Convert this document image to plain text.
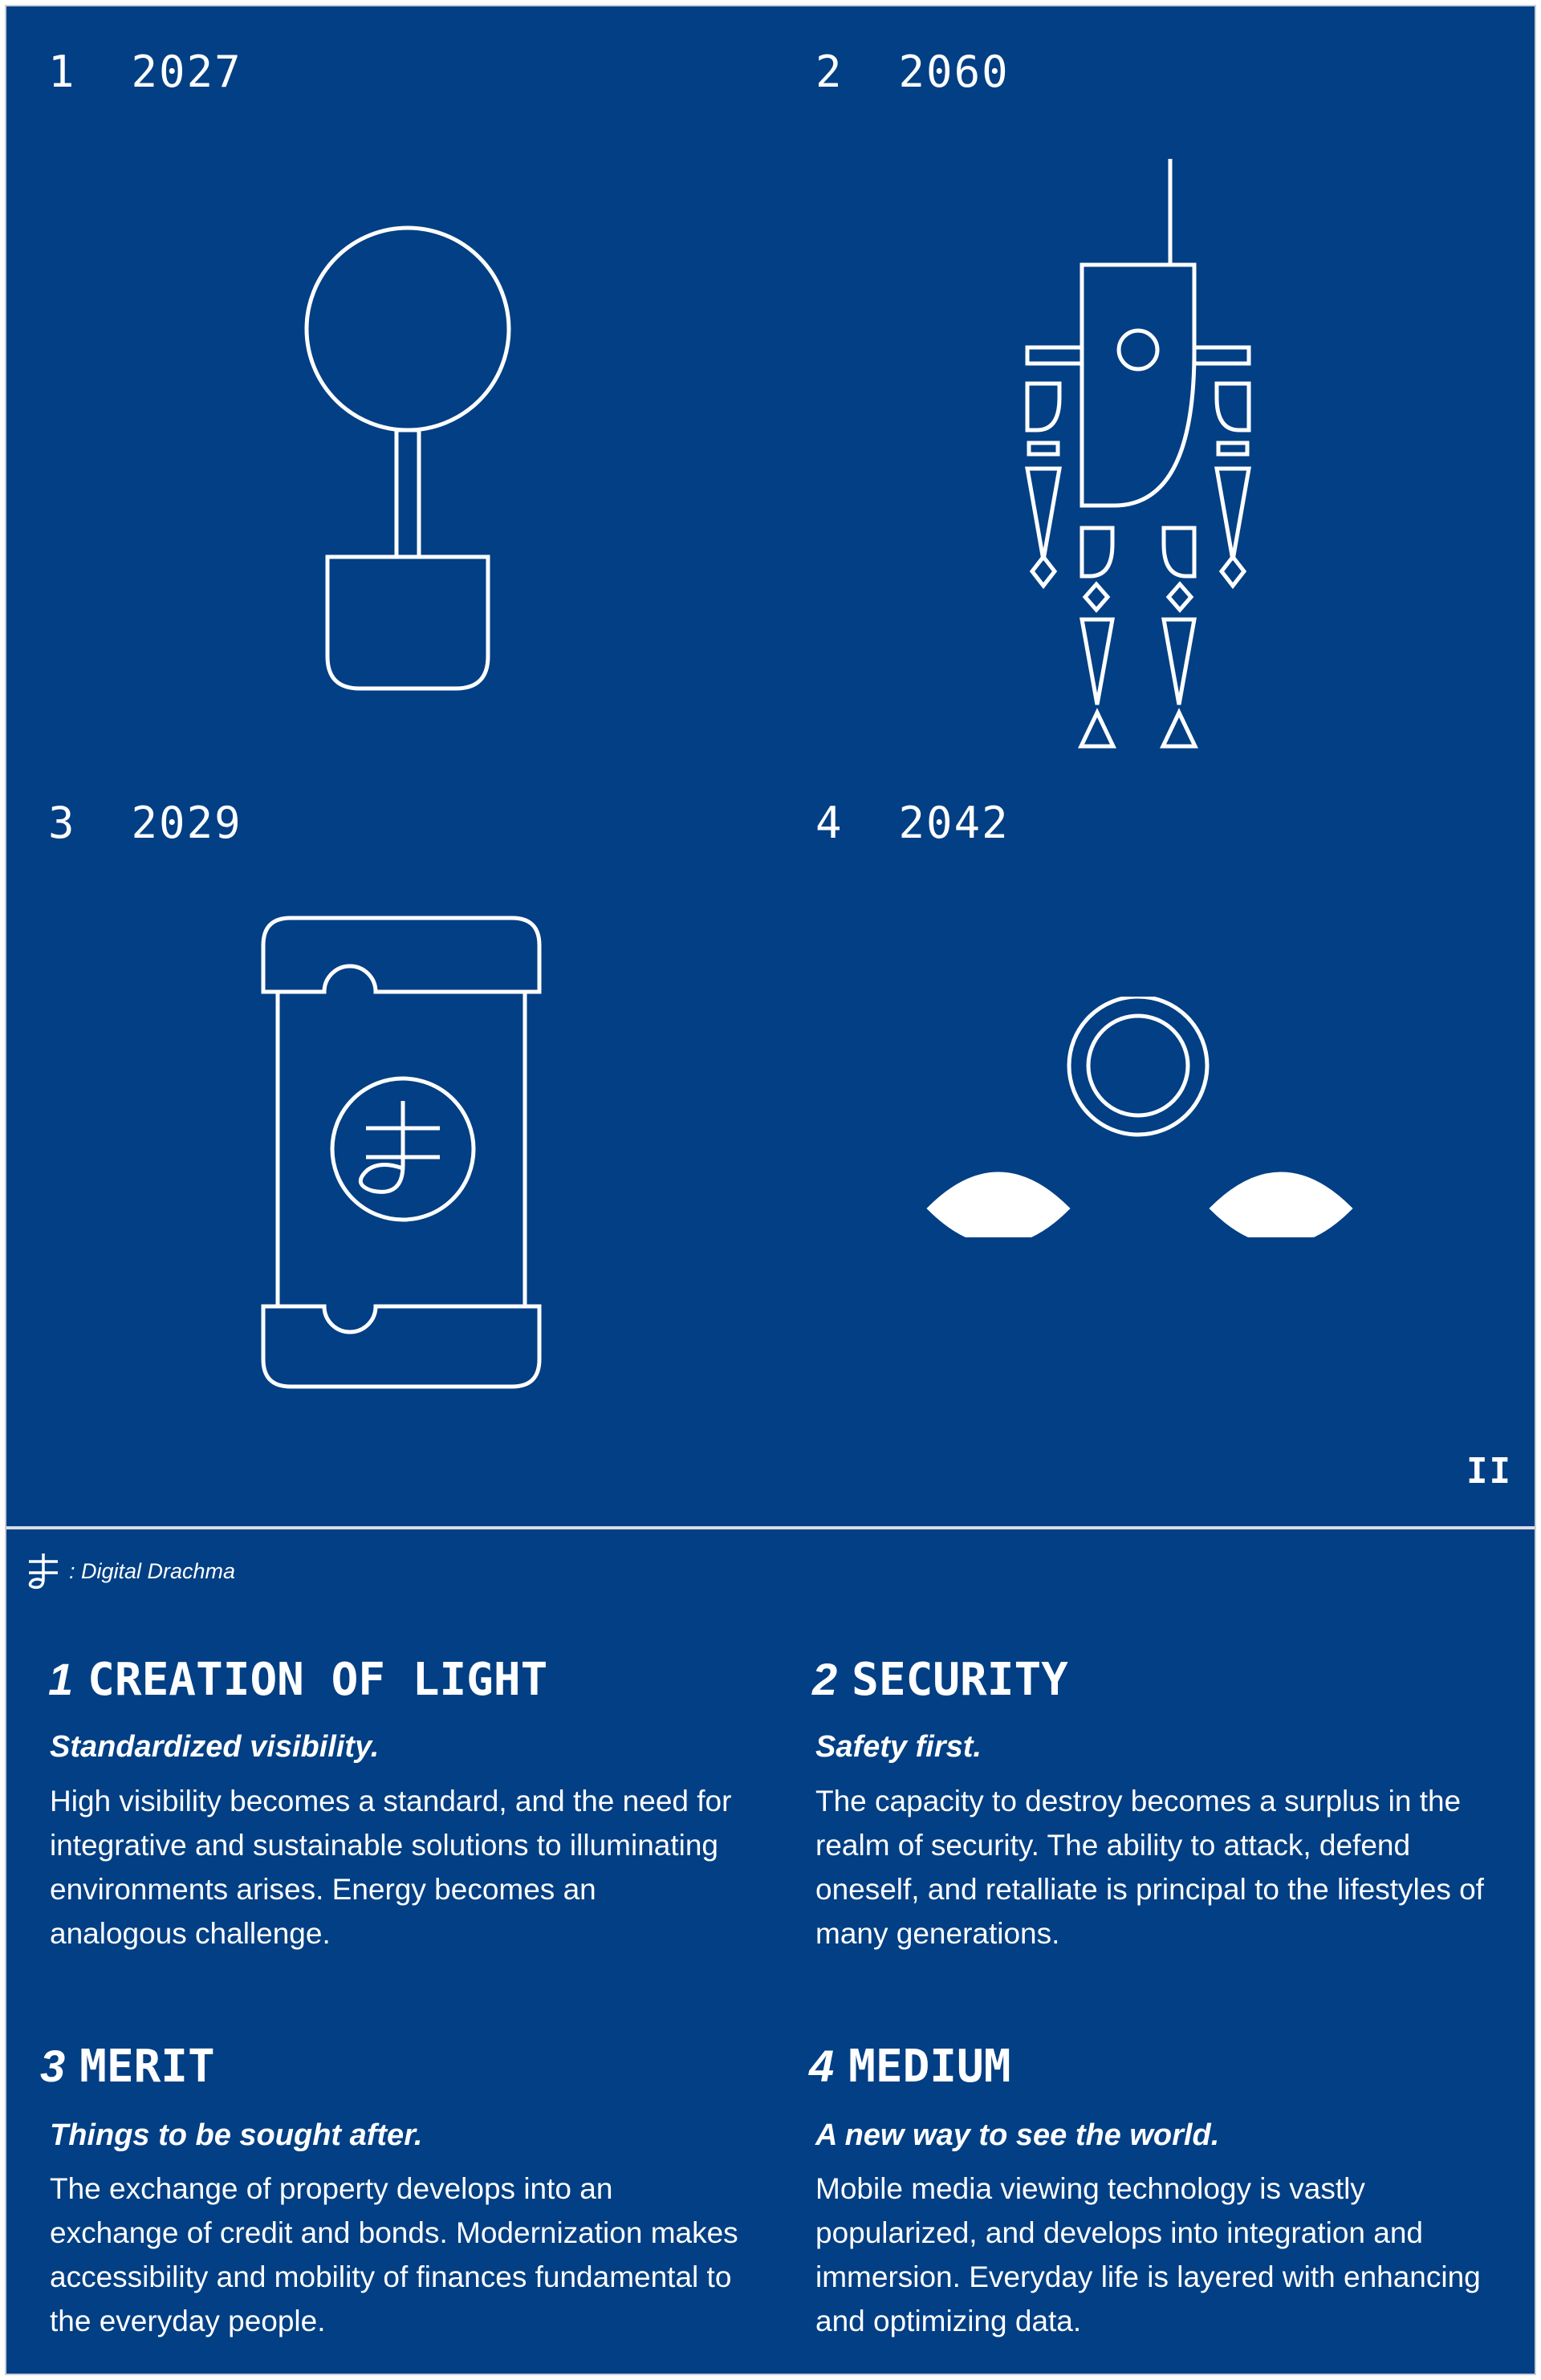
1 2027	2 2060
3 2029	4 2042
II
: Digital Drachma
1 CREATION OF LIGHT
Standardized visibility.
High visibility becomes a standard, and the need for integrative and sustainable solutions to illuminating environments arises. Energy becomes an analogous challenge.
2 SECURITY
Safety first.
The capacity to destroy becomes a surplus in the realm of security. The ability to attack, defend oneself, and retalliate is principal to the lifestyles of many generations.
3 MERIT
Things to be sought after.
The exchange of property develops into an exchange of credit and bonds. Modernization makes accessibility and mobility of finances fundamental to the everyday people.
4 MEDIUM
A new way to see the world.
Mobile media viewing technology is vastly popularized, and develops into integration and immersion. Everyday life is layered with enhancing and optimizing data.
